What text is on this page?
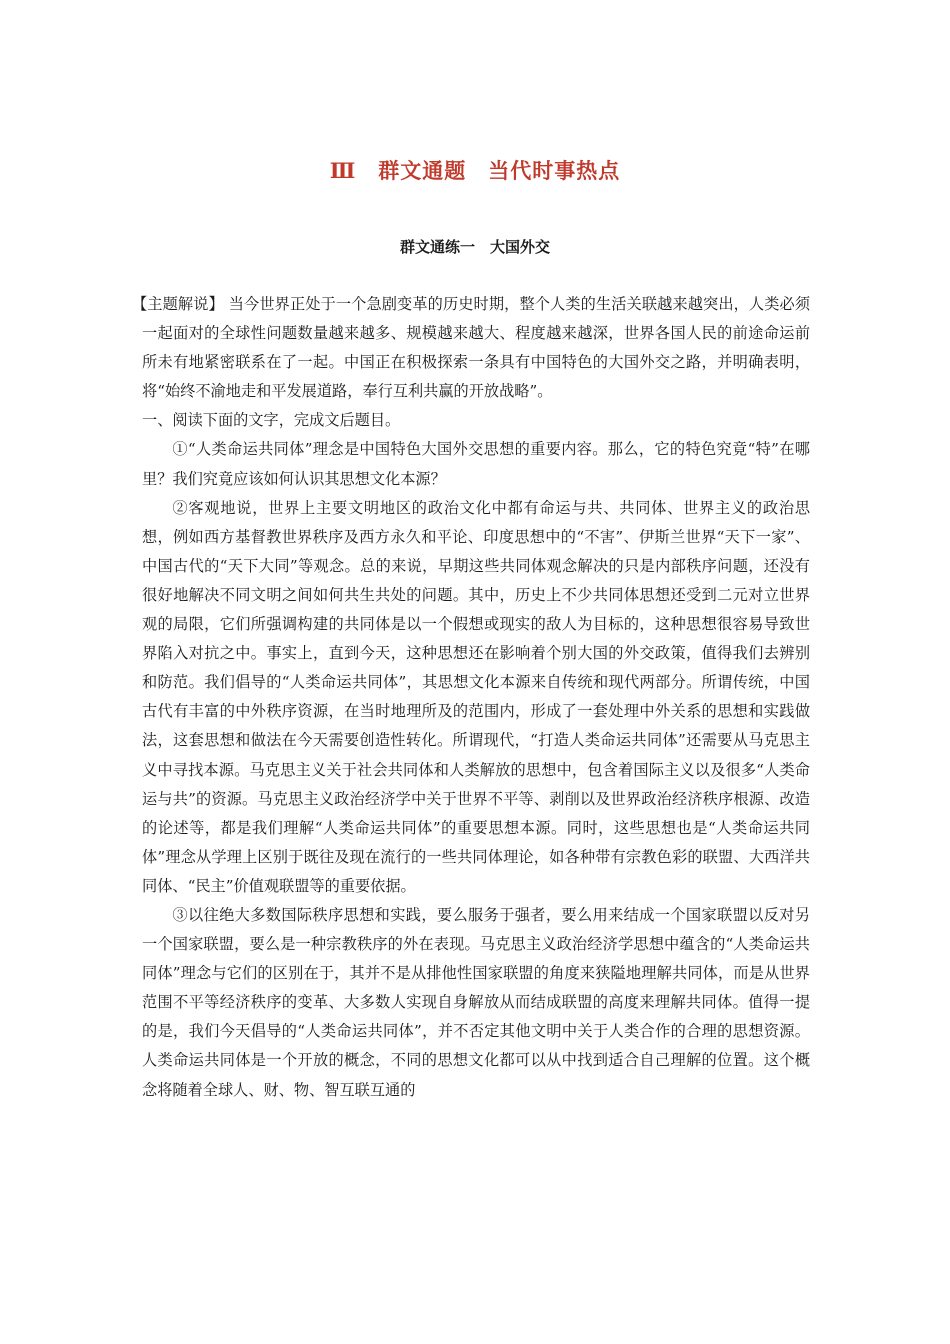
Ⅲ　群文通题　当代时事热点
群文通练一　大国外交

【主题解说】 当今世界正处于一个急剧变革的历史时期，整个人类的生活关联越来越突出，人类必须一起面对的全球性问题数量越来越多、规模越来越大、程度越来越深，世界各国人民的前途命运前所未有地紧密联系在了一起。中国正在积极探索一条具有中国特色的大国外交之路，并明确表明，将“始终不渝地走和平发展道路，奉行互利共赢的开放战略”。

一、阅读下面的文字，完成文后题目。

①“人类命运共同体”理念是中国特色大国外交思想的重要内容。那么，它的特色究竟“特”在哪里？我们究竟应该如何认识其思想文化本源？

②客观地说，世界上主要文明地区的政治文化中都有命运与共、共同体、世界主义的政治思想，例如西方基督教世界秩序及西方永久和平论、印度思想中的“不害”、伊斯兰世界“天下一家”、中国古代的“天下大同”等观念。总的来说，早期这些共同体观念解决的只是内部秩序问题，还没有很好地解决不同文明之间如何共生共处的问题。其中，历史上不少共同体思想还受到二元对立世界观的局限，它们所强调构建的共同体是以一个假想或现实的敌人为目标的，这种思想很容易导致世界陷入对抗之中。事实上，直到今天，这种思想还在影响着个别大国的外交政策，值得我们去辨别和防范。我们倡导的“人类命运共同体”，其思想文化本源来自传统和现代两部分。所谓传统，中国古代有丰富的中外秩序资源，在当时地理所及的范围内，形成了一套处理中外关系的思想和实践做法，这套思想和做法在今天需要创造性转化。所谓现代，“打造人类命运共同体”还需要从马克思主义中寻找本源。马克思主义关于社会共同体和人类解放的思想中，包含着国际主义以及很多“人类命运与共”的资源。马克思主义政治经济学中关于世界不平等、剥削以及世界政治经济秩序根源、改造的论述等，都是我们理解“人类命运共同体”的重要思想本源。同时，这些思想也是“人类命运共同体”理念从学理上区别于既往及现在流行的一些共同体理论，如各种带有宗教色彩的联盟、大西洋共同体、“民主”价值观联盟等的重要依据。

③以往绝大多数国际秩序思想和实践，要么服务于强者，要么用来结成一个国家联盟以反对另一个国家联盟，要么是一种宗教秩序的外在表现。马克思主义政治经济学思想中蕴含的“人类命运共同体”理念与它们的区别在于，其并不是从排他性国家联盟的角度来狭隘地理解共同体，而是从世界范围不平等经济秩序的变革、大多数人实现自身解放从而结成联盟的高度来理解共同体。值得一提的是，我们今天倡导的“人类命运共同体”，并不否定其他文明中关于人类合作的合理的思想资源。人类命运共同体是一个开放的概念，不同的思想文化都可以从中找到适合自己理解的位置。这个概念将随着全球人、财、物、智互联互通的
